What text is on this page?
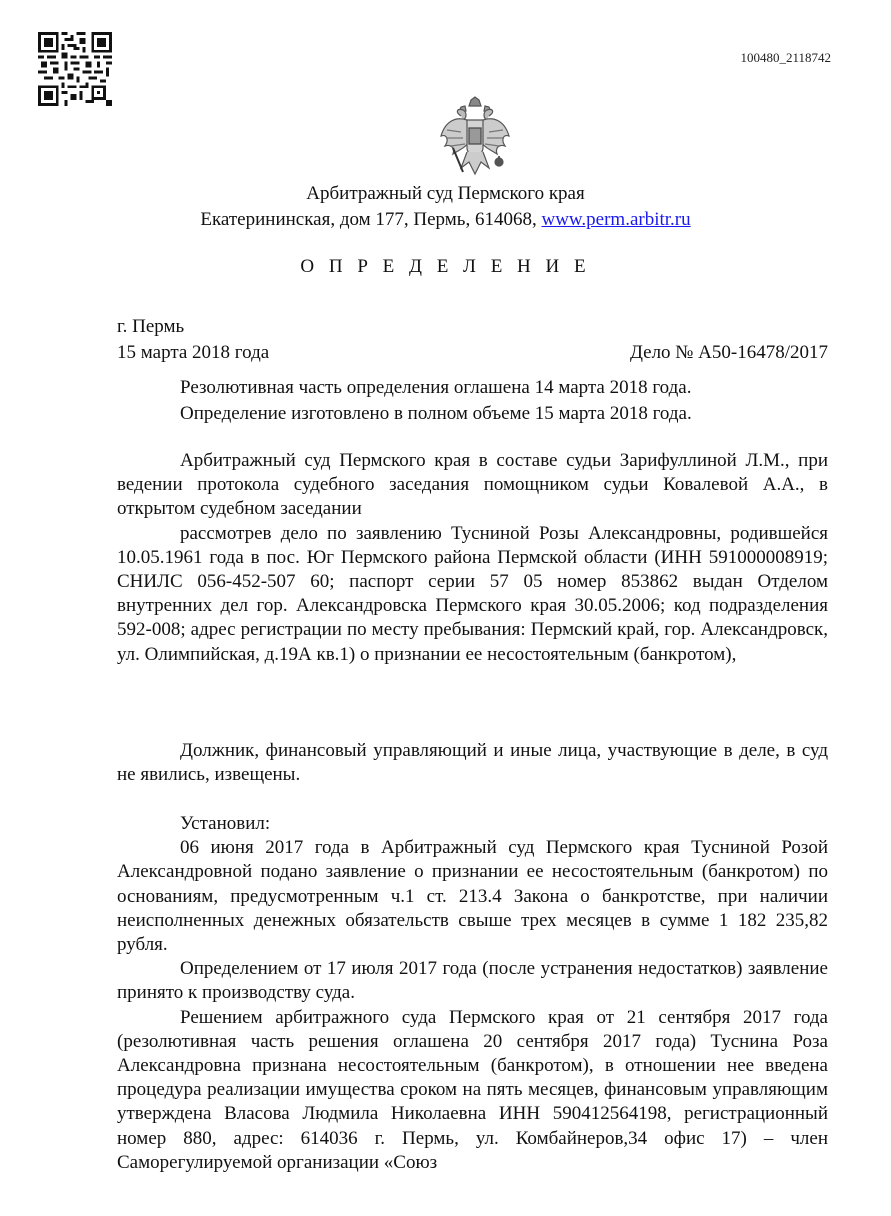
100480_2118742
Арбитражный суд Пермского края
Екатерининская, дом 177, Пермь, 614068, www.perm.arbitr.ru
О П Р Е Д Е Л Е Н И Е
г. Пермь
15 марта 2018 года	Дело № А50-16478/2017
Резолютивная часть определения оглашена 14 марта 2018 года.
Определение изготовлено в полном объеме 15 марта 2018 года.

Арбитражный суд Пермского края в составе судьи Зарифуллиной Л.М., при ведении протокола судебного заседания помощником судьи Ковалевой А.А., в открытом судебном заседании

рассмотрев дело по заявлению Тусниной Розы Александровны, родившейся 10.05.1961 года в пос. Юг Пермского района Пермской области (ИНН 591000008919; СНИЛС 056-452-507 60; паспорт серии 57 05 номер 853862 выдан Отделом внутренних дел гор. Александровска Пермского края 30.05.2006; код подразделения 592-008; адрес регистрации по месту пребывания: Пермский край, гор. Александровск, ул. Олимпийская, д.19А кв.1) о признании ее несостоятельным (банкротом),

Должник, финансовый управляющий и иные лица, участвующие в деле, в суд не явились, извещены.

Установил:

06 июня 2017 года в Арбитражный суд Пермского края Тусниной Розой Александровной подано заявление о признании ее несостоятельным (банкротом) по основаниям, предусмотренным ч.1 ст. 213.4 Закона о банкротстве, при наличии неисполненных денежных обязательств свыше трех месяцев в сумме 1 182 235,82 рубля.

Определением от 17 июля 2017 года (после устранения недостатков) заявление принято к производству суда.

Решением арбитражного суда Пермского края от 21 сентября 2017 года (резолютивная часть решения оглашена 20 сентября 2017 года) Туснина Роза Александровна признана несостоятельным (банкротом), в отношении нее введена процедура реализации имущества сроком на пять месяцев, финансовым управляющим утверждена Власова Людмила Николаевна ИНН 590412564198, регистрационный номер 880, адрес: 614036 г. Пермь, ул. Комбайнеров,34 офис 17) – член Саморегулируемой организации «Союз
